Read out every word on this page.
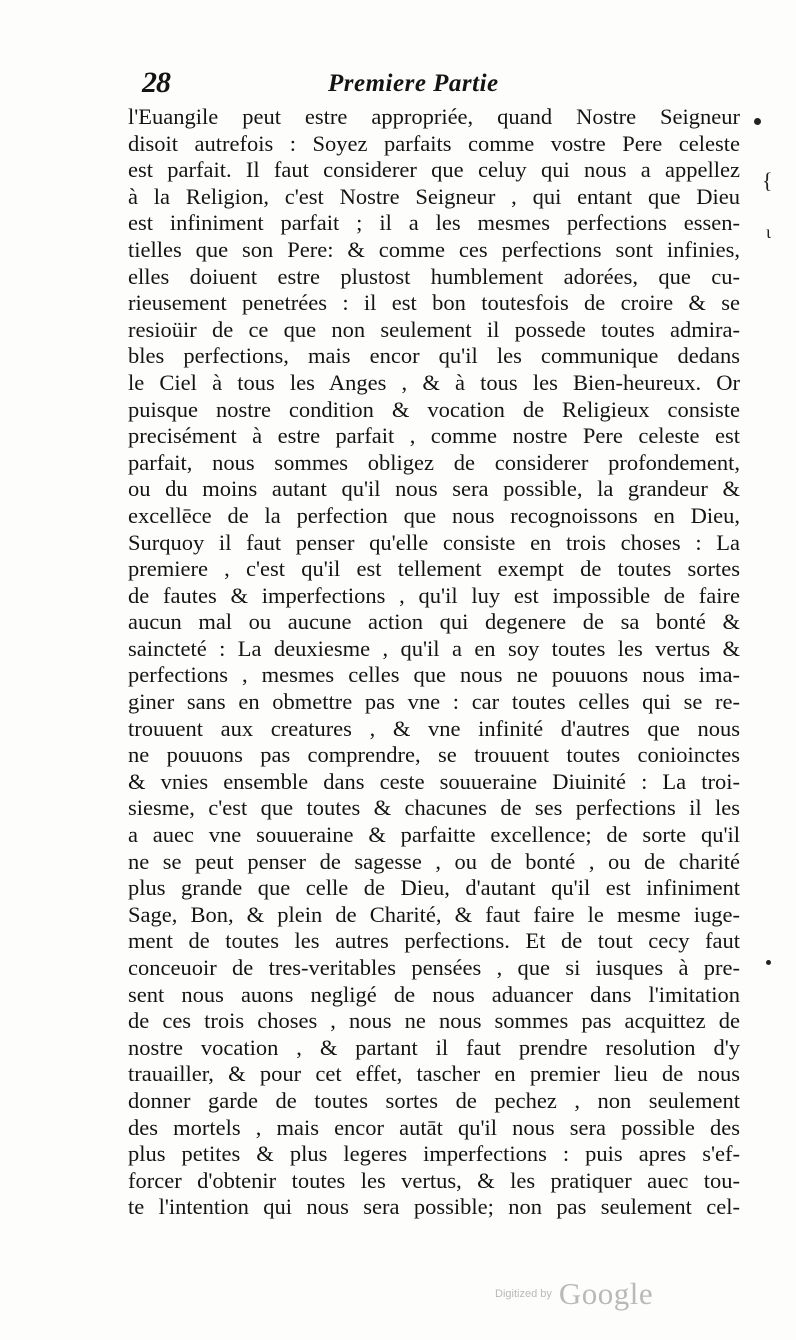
28	Premiere Partie
l'Euangile peut estre appropriée, quand Nostre Seigneur
disoit autrefois : Soyez parfaits comme vostre Pere celeste
est parfait. Il faut considerer que celuy qui nous a appellez
à la Religion, c'est Nostre Seigneur , qui entant que Dieu
est infiniment parfait ; il a les mesmes perfections essen-
tielles que son Pere: & comme ces perfections sont infinies,
elles doiuent estre plustost humblement adorées, que cu-
rieusement penetrées : il est bon toutesfois de croire & se
resioüir de ce que non seulement il possede toutes admira-
bles perfections, mais encor qu'il les communique dedans
le Ciel à tous les Anges , & à tous les Bien-heureux. Or
puisque nostre condition & vocation de Religieux consiste
precisément à estre parfait , comme nostre Pere celeste est
parfait, nous sommes obligez de considerer profondement,
ou du moins autant qu'il nous sera possible, la grandeur &
excellēce de la perfection que nous recognoissons en Dieu,
Surquoy il faut penser qu'elle consiste en trois choses : La
premiere , c'est qu'il est tellement exempt de toutes sortes
de fautes & imperfections , qu'il luy est impossible de faire
aucun mal ou aucune action qui degenere de sa bonté &
saincteté : La deuxiesme , qu'il a en soy toutes les vertus &
perfections , mesmes celles que nous ne pouuons nous ima-
giner sans en obmettre pas vne : car toutes celles qui se re-
trouuent aux creatures , & vne infinité d'autres que nous
ne pouuons pas comprendre, se trouuent toutes conioinctes
& vnies ensemble dans ceste souueraine Diuinité : La troi-
siesme, c'est que toutes & chacunes de ses perfections il les
a auec vne souueraine & parfaitte excellence; de sorte qu'il
ne se peut penser de sagesse , ou de bonté , ou de charité
plus grande que celle de Dieu, d'autant qu'il est infiniment
Sage, Bon, & plein de Charité, & faut faire le mesme iuge-
ment de toutes les autres perfections. Et de tout cecy faut
conceuoir de tres-veritables pensées , que si iusques à pre-
sent nous auons negligé de nous aduancer dans l'imitation
de ces trois choses , nous ne nous sommes pas acquittez de
nostre vocation , & partant il faut prendre resolution d'y
trauailler, & pour cet effet, tascher en premier lieu de nous
donner garde de toutes sortes de pechez , non seulement
des mortels , mais encor autāt qu'il nous sera possible des
plus petites & plus legeres imperfections : puis apres s'ef-
forcer d'obtenir toutes les vertus, & les pratiquer auec tou-
te l'intention qui nous sera possible; non pas seulement cel-
{
ι
Digitized by Google
